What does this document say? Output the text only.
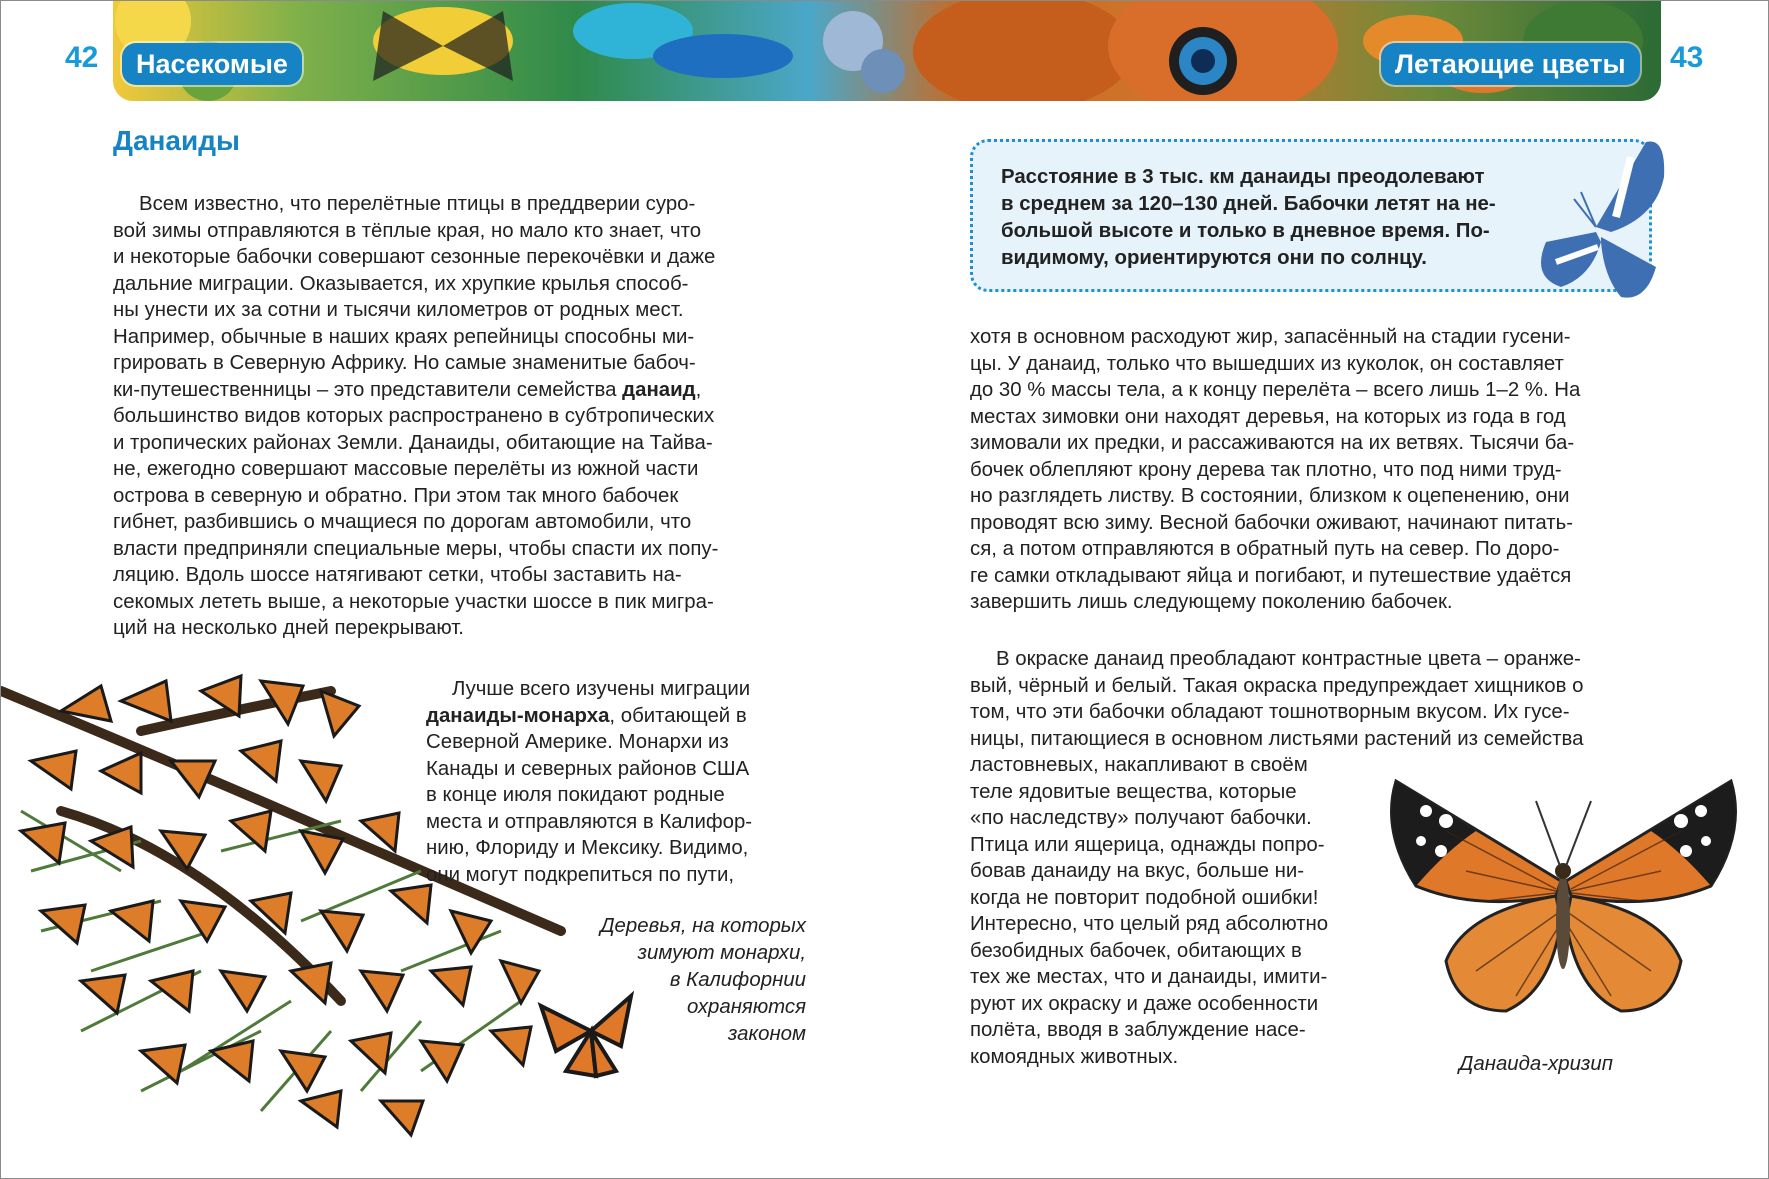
42	Насекомые	Летающие цветы	43
Данаиды

Всем известно, что перелётные птицы в преддверии суро-

вой зимы отправляются в тёплые края, но мало кто знает, что

и некоторые бабочки совершают сезонные перекочёвки и даже

дальние миграции. Оказывается, их хрупкие крылья способ-

ны унести их за сотни и тысячи километров от родных мест.

Например, обычные в наших краях репейницы способны ми-

грировать в Северную Африку. Но самые знаменитые бабоч-

ки-путешественницы – это представители семейства данаид,

большинство видов которых распространено в субтропических

и тропических районах Земли. Данаиды, обитающие на Тайва-

не, ежегодно совершают массовые перелёты из южной части

острова в северную и обратно. При этом так много бабочек

гибнет, разбившись о мчащиеся по дорогам автомобили, что

власти предприняли специальные меры, чтобы спасти их попу-

ляцию. Вдоль шоссе натягивают сетки, чтобы заставить на-

секомых лететь выше, а некоторые участки шоссе в пик мигра-

ций на несколько дней перекрывают.

Лучше всего изучены миграции

данаиды-монарха, обитающей в

Северной Америке. Монархи из

Канады и северных районов США

в конце июля покидают родные

места и отправляются в Калифор-

нию, Флориду и Мексику. Видимо,

они могут подкрепиться по пути,

Деревья, на которых
зимуют монархи,
в Калифорнии
охраняются
законом

Расстояние в 3 тыс. км данаиды преодолевают
в среднем за 120–130 дней. Бабочки летят на не-
большой высоте и только в дневное время. По-
видимому, ориентируются они по солнцу.

хотя в основном расходуют жир, запасённый на стадии гусени-

цы. У данаид, только что вышедших из куколок, он составляет

до 30 % массы тела, а к концу перелёта – всего лишь 1–2 %. На

местах зимовки они находят деревья, на которых из года в год

зимовали их предки, и рассаживаются на их ветвях. Тысячи ба-

бочек облепляют крону дерева так плотно, что под ними труд-

но разглядеть листву. В состоянии, близком к оцепенению, они

проводят всю зиму. Весной бабочки оживают, начинают питать-

ся, а потом отправляются в обратный путь на север. По доро-

ге самки откладывают яйца и погибают, и путешествие удаётся

завершить лишь следующему поколению бабочек.

В окраске данаид преобладают контрастные цвета – оранже-

вый, чёрный и белый. Такая окраска предупреждает хищников о

том, что эти бабочки обладают тошнотворным вкусом. Их гусе-

ницы, питающиеся в основном листьями растений из семейства

ластовневых, накапливают в своём

теле ядовитые вещества, которые

«по наследству» получают бабочки.

Птица или ящерица, однажды попро-

бовав данаиду на вкус, больше ни-

когда не повторит подобной ошибки!

Интересно, что целый ряд абсолютно

безобидных бабочек, обитающих в

тех же местах, что и данаиды, имити-

руют их окраску и даже особенности

полёта, вводя в заблуждение насе-

комоядных животных.	Данаида-хризип
